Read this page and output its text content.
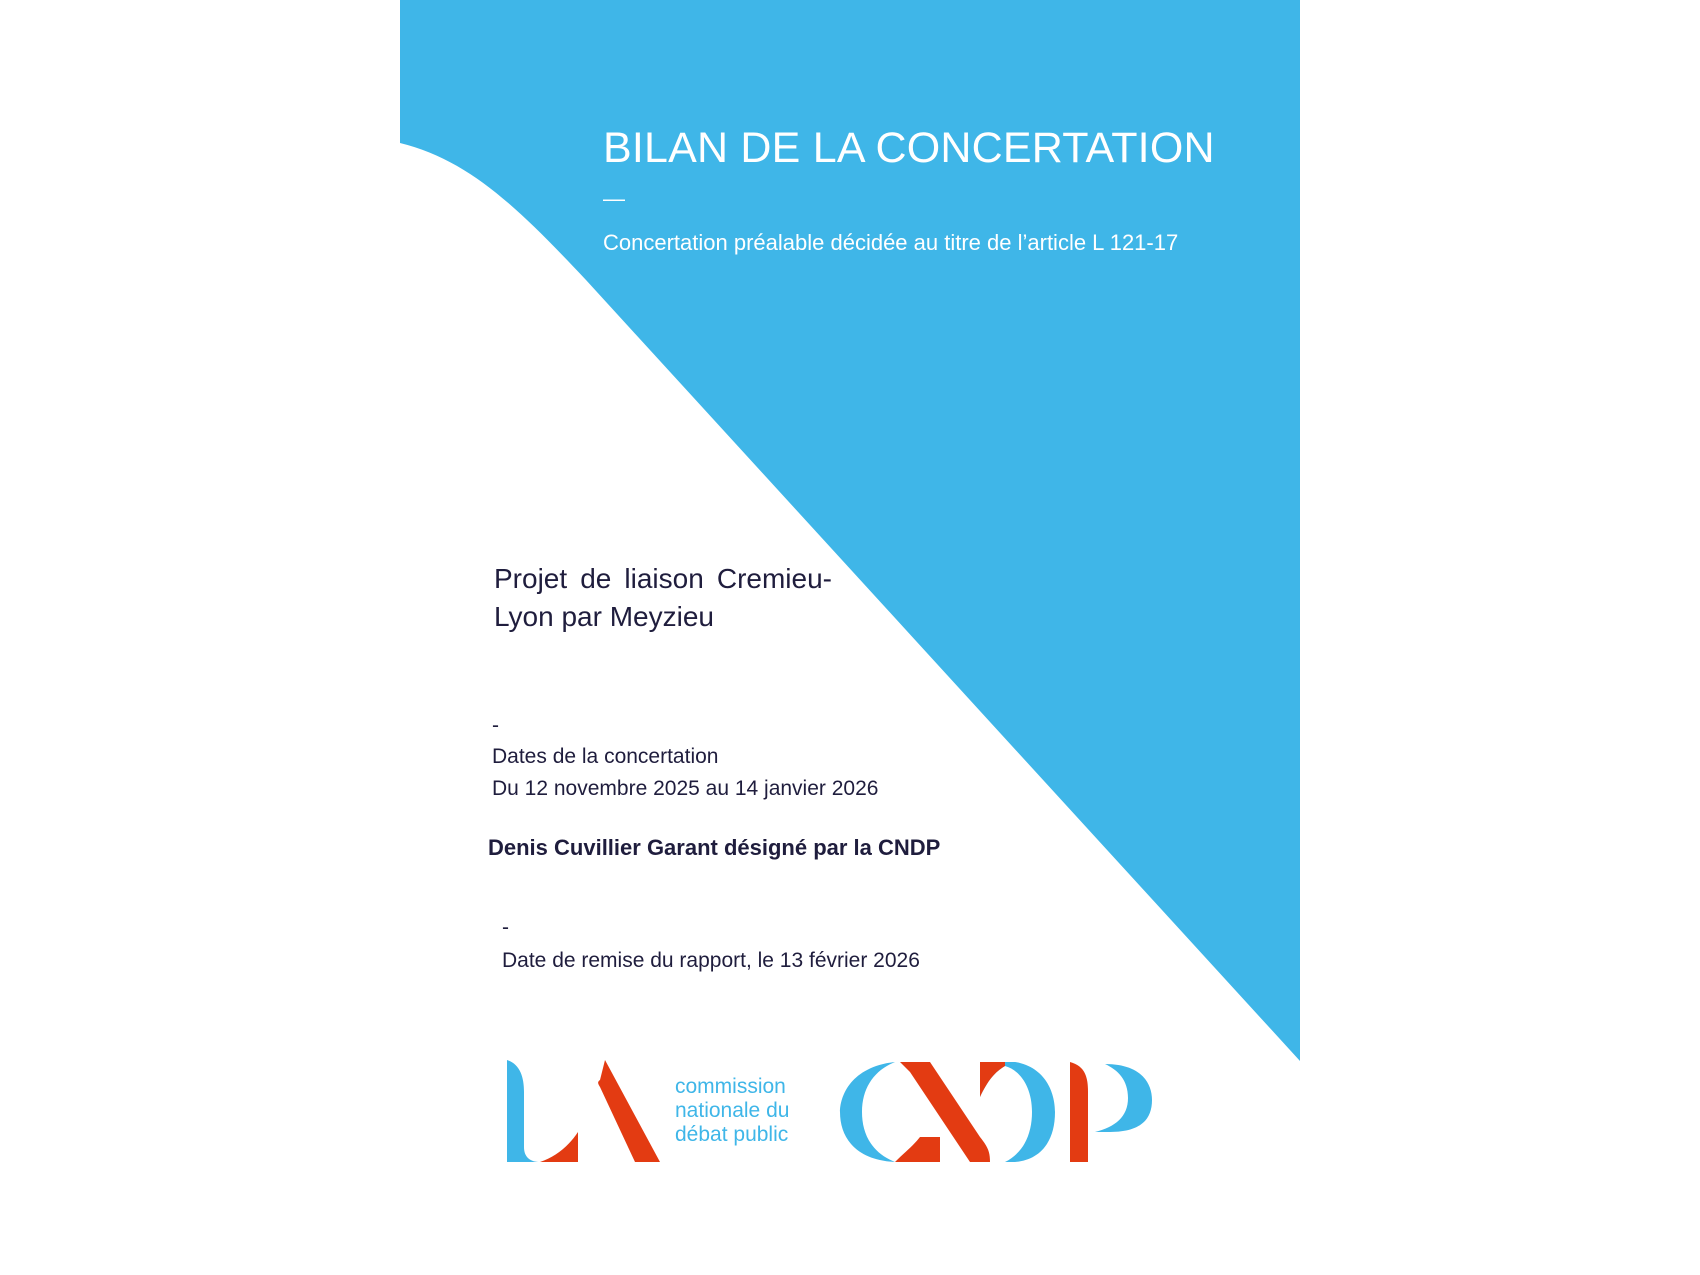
BILAN DE LA CONCERTATION
—
Concertation préalable décidée au titre de l’article L 121-17
Projet de liaison Cremieu-Lyon par Meyzieu
-
Dates de la concertation
Du 12 novembre 2025 au 14 janvier 2026
Denis Cuvillier Garant désigné par la CNDP
-
Date de remise du rapport, le 13 février 2026
commission
nationale du
débat public
